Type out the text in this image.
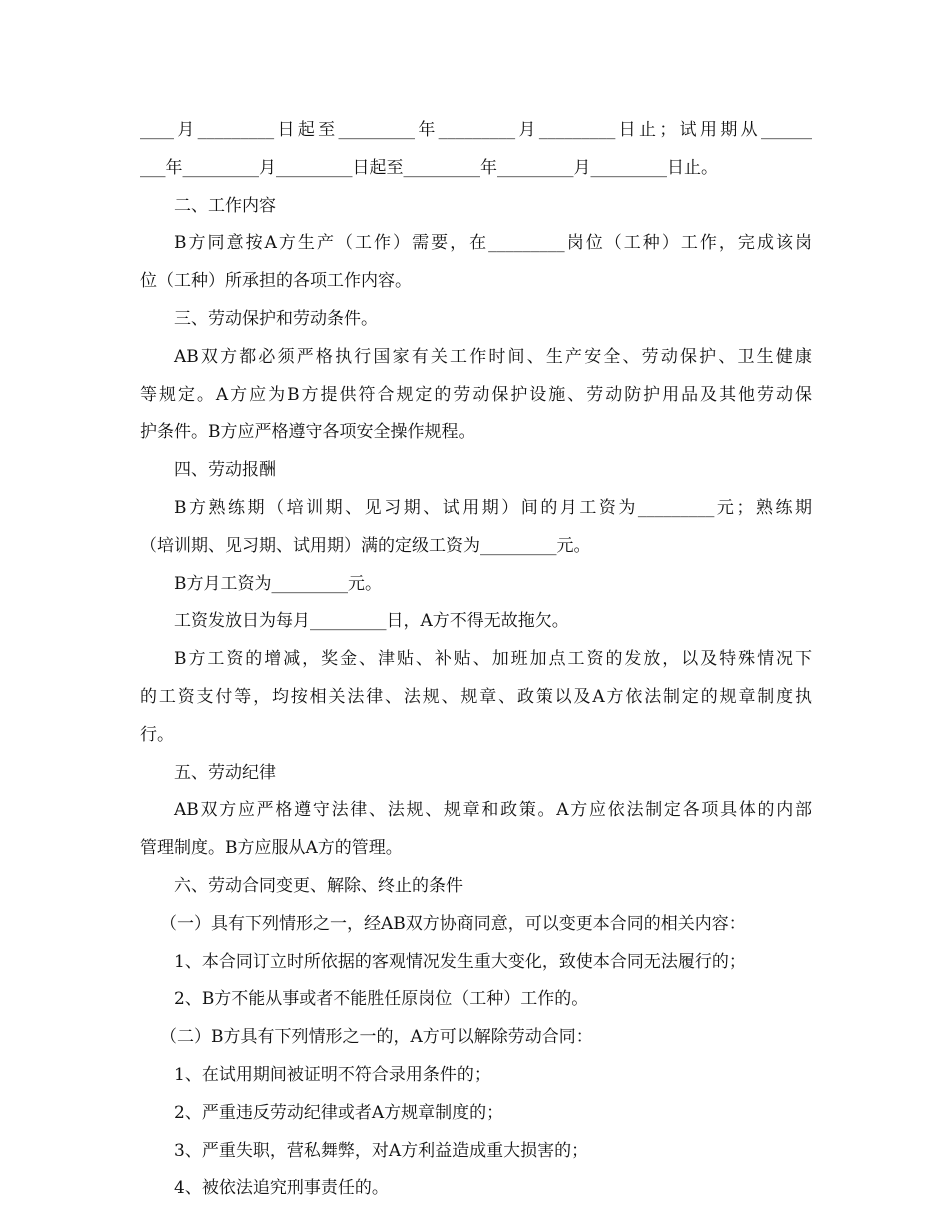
____月_________日起至_________年_________月_________日止；试用期从______
___年_________月_________日起至_________年_________月_________日止。
二、工作内容
B方同意按A方生产（工作）需要，在_________岗位（工种）工作，完成该岗
位（工种）所承担的各项工作内容。
三、劳动保护和劳动条件。
AB双方都必须严格执行国家有关工作时间、生产安全、劳动保护、卫生健康
等规定。A方应为B方提供符合规定的劳动保护设施、劳动防护用品及其他劳动保
护条件。B方应严格遵守各项安全操作规程。
四、劳动报酬
B方熟练期（培训期、见习期、试用期）间的月工资为_________元；熟练期
（培训期、见习期、试用期）满的定级工资为_________元。
B方月工资为_________元。
工资发放日为每月_________日，A方不得无故拖欠。
B方工资的增减，奖金、津贴、补贴、加班加点工资的发放，以及特殊情况下
的工资支付等，均按相关法律、法规、规章、政策以及A方依法制定的规章制度执
行。
五、劳动纪律
AB双方应严格遵守法律、法规、规章和政策。A方应依法制定各项具体的内部
管理制度。B方应服从A方的管理。
六、劳动合同变更、解除、终止的条件
（一）具有下列情形之一，经AB双方协商同意，可以变更本合同的相关内容：
1、本合同订立时所依据的客观情况发生重大变化，致使本合同无法履行的；
2、B方不能从事或者不能胜任原岗位（工种）工作的。
（二）B方具有下列情形之一的，A方可以解除劳动合同：
1、在试用期间被证明不符合录用条件的；
2、严重违反劳动纪律或者A方规章制度的；
3、严重失职，营私舞弊，对A方利益造成重大损害的；
4、被依法追究刑事责任的。
